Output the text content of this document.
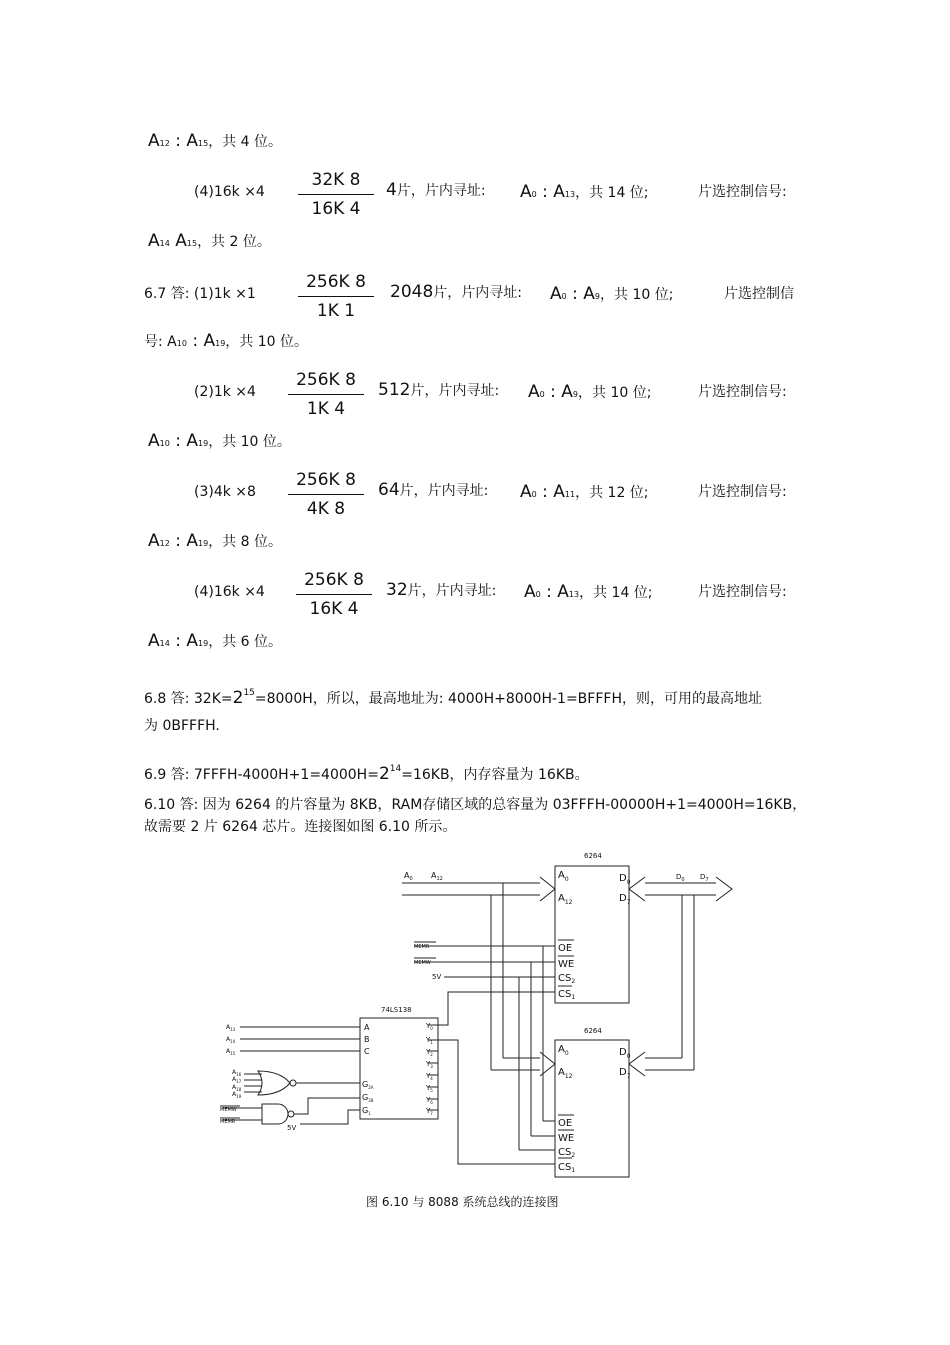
A12 : A15，共 4 位。
$(4)16k \times 4 \frac{32K 8}{16K 4} 4$片，片内寻址: A0 : A13，共 14 位;	片选控制信号:
A14 A15，共 2 位。
6.7 答: $(1)1k \times 1 \frac{256K 8}{1K 1} 2048$片，片内寻址: A0 : A9，共 10 位;	片选控制信
号: A10 : A19，共 10 位。
$(2)1k \times 4 \frac{256K 8}{1K 4} 512$片，片内寻址: A0 : A9，共 10 位;	片选控制信号:
A10 : A19，共 10 位。
$(3)4k \times 8 \frac{256K 8}{4K 8} 64$片，片内寻址: A0 : A11，共 12 位;	片选控制信号:
A12 : A19，共 8 位。
$(4)16k \times 4 \frac{256K 8}{16K 4} 32$片，片内寻址: A0 : A13，共 14 位;	片选控制信号:
A14 : A19，共 6 位。
6.8 答: $32K=2^{15}=8000H$，所以，最高地址为: 4000H+8000H-1=BFFFH，则，可用的最高地址
为 0BFFFH.
6.9 答: $7FFFH-4000H+1=4000H=2^{14}=16KB$，内存容量为 16KB。
6.10 答: 因为 6264 的片容量为 8KB，RAM存储区域的总容量为 03FFFH-00000H+1=4000H=16KB，
故需要 2 片 6264 芯片。连接图如图 6.10 所示。
6264
6264
74LS138
$A_0$ $A_{12}$	$D_0$ $D_7$
MEMR
MEMW
5V
$A_0$
$A_{12}$
$D_0$
$D_7$
OE
WE
$CS_2$
$CS_1$
$A_0$
$A_{12}$
$D_0$
$D_7$
OE
WE
$CS_2$
$CS_1$
A
B
C
$G_{2A}$
$G_{2B}$
$G_1$
$Y_0$
$Y_1$
$Y_2$
$Y_3$
$Y_4$
$Y_5$
$Y_6$
$Y_7$
$A_{13}$
$A_{14}$
$A_{15}$
$A_{16}$
$A_{17}$
$A_{18}$
$A_{19}$
MEMW
MEMR
5V
图 6.10 与 8088 系统总线的连接图
